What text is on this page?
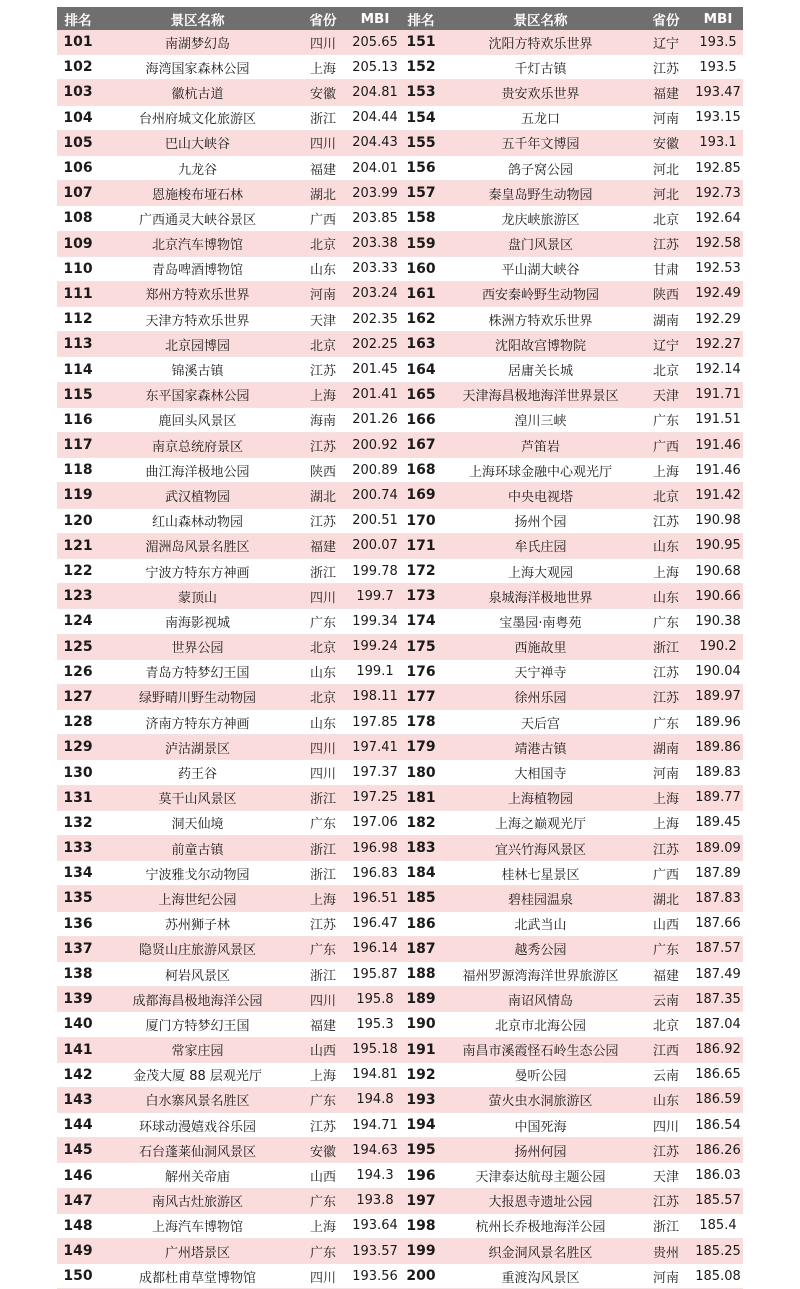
排名	景区名称	省份	MBI	排名	景区名称	省份	MBI
101	南湖梦幻岛	四川	205.65	151	沈阳方特欢乐世界	辽宁	193.5
102	海湾国家森林公园	上海	205.13	152	千灯古镇	江苏	193.5
103	徽杭古道	安徽	204.81	153	贵安欢乐世界	福建	193.47
104	台州府城文化旅游区	浙江	204.44	154	五龙口	河南	193.15
105	巴山大峡谷	四川	204.43	155	五千年文博园	安徽	193.1
106	九龙谷	福建	204.01	156	鸽子窝公园	河北	192.85
107	恩施梭布垭石林	湖北	203.99	157	秦皇岛野生动物园	河北	192.73
108	广西通灵大峡谷景区	广西	203.85	158	龙庆峡旅游区	北京	192.64
109	北京汽车博物馆	北京	203.38	159	盘门风景区	江苏	192.58
110	青岛啤酒博物馆	山东	203.33	160	平山湖大峡谷	甘肃	192.53
111	郑州方特欢乐世界	河南	203.24	161	西安秦岭野生动物园	陕西	192.49
112	天津方特欢乐世界	天津	202.35	162	株洲方特欢乐世界	湖南	192.29
113	北京园博园	北京	202.25	163	沈阳故宫博物院	辽宁	192.27
114	锦溪古镇	江苏	201.45	164	居庸关长城	北京	192.14
115	东平国家森林公园	上海	201.41	165	天津海昌极地海洋世界景区	天津	191.71
116	鹿回头风景区	海南	201.26	166	湟川三峡	广东	191.51
117	南京总统府景区	江苏	200.92	167	芦笛岩	广西	191.46
118	曲江海洋极地公园	陕西	200.89	168	上海环球金融中心观光厅	上海	191.46
119	武汉植物园	湖北	200.74	169	中央电视塔	北京	191.42
120	红山森林动物园	江苏	200.51	170	扬州个园	江苏	190.98
121	湄洲岛风景名胜区	福建	200.07	171	牟氏庄园	山东	190.95
122	宁波方特东方神画	浙江	199.78	172	上海大观园	上海	190.68
123	蒙顶山	四川	199.7	173	泉城海洋极地世界	山东	190.66
124	南海影视城	广东	199.34	174	宝墨园·南粤苑	广东	190.38
125	世界公园	北京	199.24	175	西施故里	浙江	190.2
126	青岛方特梦幻王国	山东	199.1	176	天宁禅寺	江苏	190.04
127	绿野晴川野生动物园	北京	198.11	177	徐州乐园	江苏	189.97
128	济南方特东方神画	山东	197.85	178	天后宫	广东	189.96
129	泸沽湖景区	四川	197.41	179	靖港古镇	湖南	189.86
130	药王谷	四川	197.37	180	大相国寺	河南	189.83
131	莫干山风景区	浙江	197.25	181	上海植物园	上海	189.77
132	洞天仙境	广东	197.06	182	上海之巅观光厅	上海	189.45
133	前童古镇	浙江	196.98	183	宜兴竹海风景区	江苏	189.09
134	宁波雅戈尔动物园	浙江	196.83	184	桂林七星景区	广西	187.89
135	上海世纪公园	上海	196.51	185	碧桂园温泉	湖北	187.83
136	苏州狮子林	江苏	196.47	186	北武当山	山西	187.66
137	隐贤山庄旅游风景区	广东	196.14	187	越秀公园	广东	187.57
138	柯岩风景区	浙江	195.87	188	福州罗源湾海洋世界旅游区	福建	187.49
139	成都海昌极地海洋公园	四川	195.8	189	南诏风情岛	云南	187.35
140	厦门方特梦幻王国	福建	195.3	190	北京市北海公园	北京	187.04
141	常家庄园	山西	195.18	191	南昌市溪霞怪石岭生态公园	江西	186.92
142	金茂大厦 88 层观光厅	上海	194.81	192	曼听公园	云南	186.65
143	白水寨风景名胜区	广东	194.8	193	萤火虫水洞旅游区	山东	186.59
144	环球动漫嬉戏谷乐园	江苏	194.71	194	中国死海	四川	186.54
145	石台蓬莱仙洞风景区	安徽	194.63	195	扬州何园	江苏	186.26
146	解州关帝庙	山西	194.3	196	天津泰达航母主题公园	天津	186.03
147	南风古灶旅游区	广东	193.8	197	大报恩寺遗址公园	江苏	185.57
148	上海汽车博物馆	上海	193.64	198	杭州长乔极地海洋公园	浙江	185.4
149	广州塔景区	广东	193.57	199	织金洞风景名胜区	贵州	185.25
150	成都杜甫草堂博物馆	四川	193.56	200	重渡沟风景区	河南	185.08
